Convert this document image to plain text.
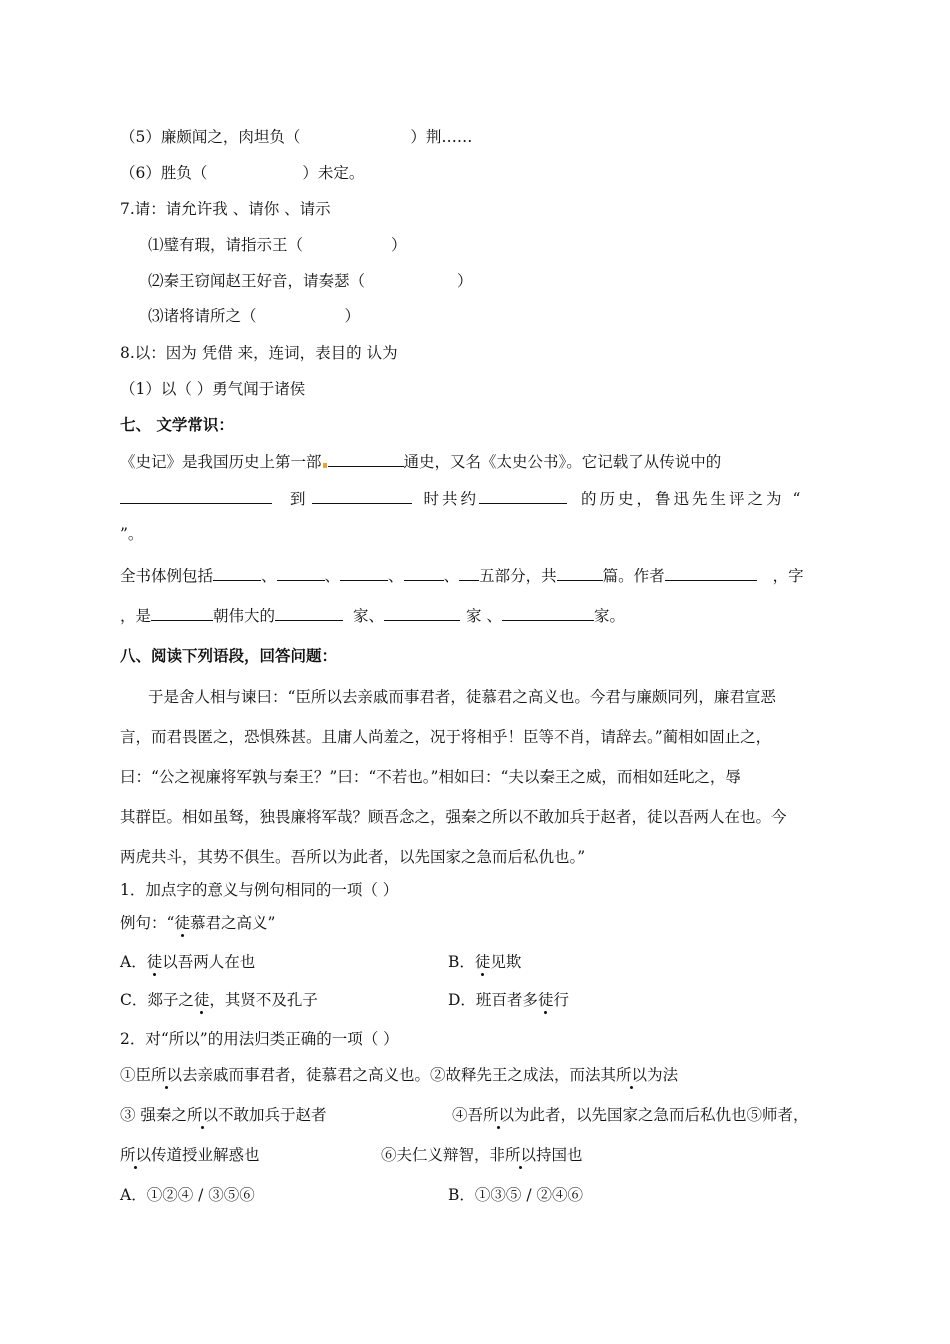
（5）廉颇闻之，肉坦负（	）荆……
（6）胜负（	）未定。
7.请：请允许我 、请你 、请示
⑴璧有瑕，请指示王（	）
⑵秦王窃闻赵王好音，请奏瑟（	）
⑶诸将请所之（	）
8.以：因为 凭借 来，连词，表目的 认为
（1）以（ ）勇气闻于诸侯
七、 文学常识：
《史记》是我国历史上第一部	通史，又名《太史公书》。它记载了从传说中的
到	时共约	的历史，鲁迅先生评之为 “
”。
全书体例包括	、	、	、	、 五部分，共	篇。作者	，字
，是	朝伟大的	家、	家 、	家。
八、阅读下列语段，回答问题：
于是舍人相与谏曰：“臣所以去亲戚而事君者，徒慕君之高义也。今君与廉颇同列，廉君宣恶
言，而君畏匿之，恐惧殊甚。且庸人尚羞之，况于将相乎！臣等不肖，请辞去。”蔺相如固止之，
曰：“公之视廉将军孰与秦王？”曰：“不若也。”相如曰：“夫以秦王之威，而相如廷叱之，辱
其群臣。相如虽驽，独畏廉将军哉？顾吾念之，强秦之所以不敢加兵于赵者，徒以吾两人在也。今
两虎共斗，其势不俱生。吾所以为此者，以先国家之急而后私仇也。”
1．加点字的意义与例句相同的一项（ ）
例句：“徒慕君之高义”
A．徒以吾两人在也	B．徒见欺
C．郯子之徒，其贤不及孔子	D．班百者多徒行
2．对“所以”的用法归类正确的一项（ ）
①臣所以去亲戚而事君者，徒慕君之高义也。②故释先王之成法，而法其所以为法
③ 强秦之所以不敢加兵于赵者	④吾所以为此者，以先国家之急而后私仇也⑤师者，
所以传道授业解惑也	⑥夫仁义辩智，非所以持国也
A．①②④ / ③⑤⑥	B．①③⑤ / ②④⑥
